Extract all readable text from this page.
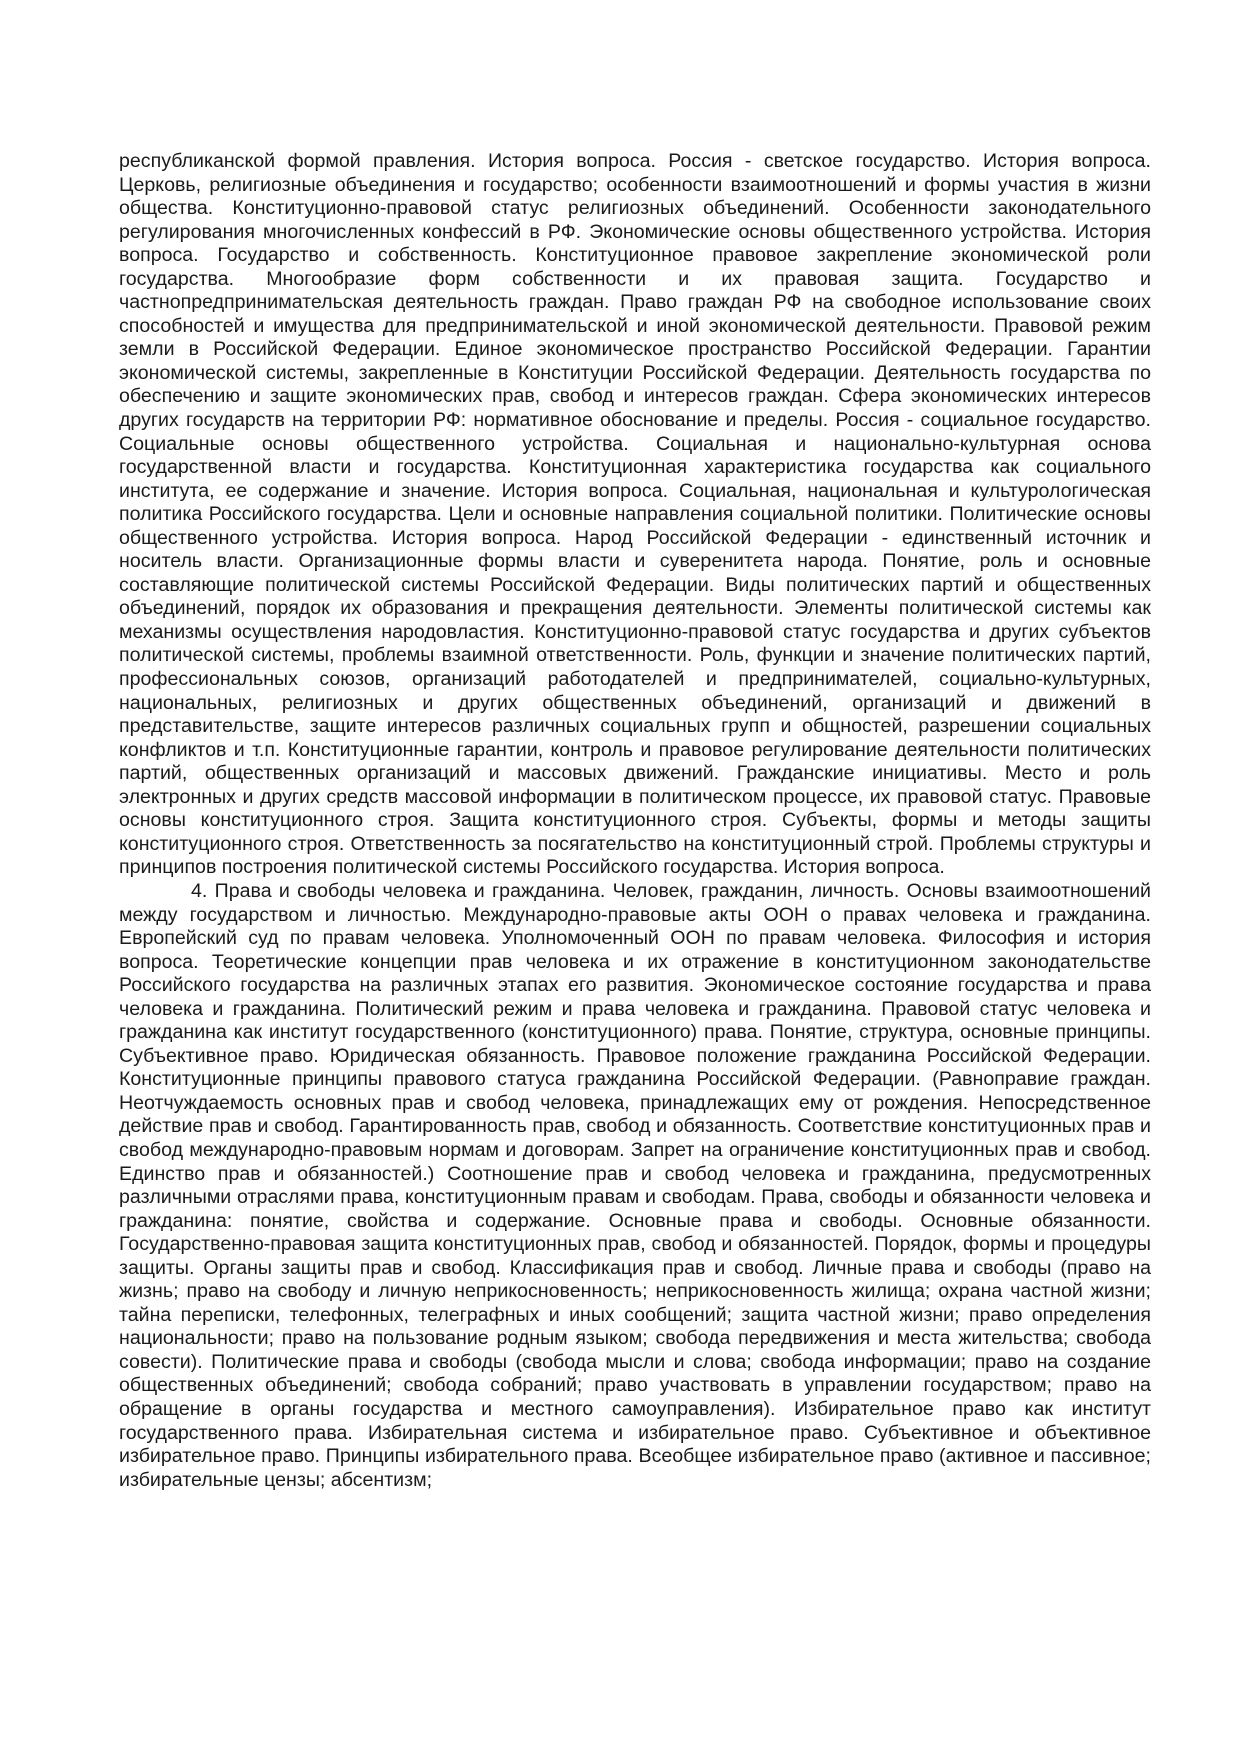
республиканской формой правления. История вопроса. Россия - светское государство. История вопроса. Церковь, религиозные объединения и государство; особенности взаимоотношений и формы участия в жизни общества. Конституционно-правовой статус религиозных объединений. Особенности законодательного регулирования многочисленных конфессий в РФ. Экономические основы общественного устройства. История вопроса. Государство и собственность. Конституционное правовое закрепление экономической роли государства. Многообразие форм собственности и их правовая защита. Государство и частнопредпринимательская деятельность граждан. Право граждан РФ на свободное использование своих способностей и имущества для предпринимательской и иной экономической деятельности. Правовой режим земли в Российской Федерации. Единое экономическое пространство Российской Федерации. Гарантии экономической системы, закрепленные в Конституции Российской Федерации. Деятельность государства по обеспечению и защите экономических прав, свобод и интересов граждан. Сфера экономических интересов других государств на территории РФ: нормативное обоснование и пределы. Россия - социальное государство. Социальные основы общественного устройства. Социальная и национально-культурная основа государственной власти и государства. Конституционная характеристика государства как социального института, ее содержание и значение. История вопроса. Социальная, национальная и культурологическая политика Российского государства. Цели и основные направления социальной политики. Политические основы общественного устройства. История вопроса. Народ Российской Федерации - единственный источник и носитель власти. Организационные формы власти и суверенитета народа. Понятие, роль и основные составляющие политической системы Российской Федерации. Виды политических партий и общественных объединений, порядок их образования и прекращения деятельности. Элементы политической системы как механизмы осуществления народовластия. Конституционно-правовой статус государства и других субъектов политической системы, проблемы взаимной ответственности. Роль, функции и значение политических партий, профессиональных союзов, организаций работодателей и предпринимателей, социально-культурных, национальных, религиозных и других общественных объединений, организаций и движений в представительстве, защите интересов различных социальных групп и общностей, разрешении социальных конфликтов и т.п. Конституционные гарантии, контроль и правовое регулирование деятельности политических партий, общественных организаций и массовых движений. Гражданские инициативы. Место и роль электронных и других средств массовой информации в политическом процессе, их правовой статус. Правовые основы конституционного строя. Защита конституционного строя. Субъекты, формы и методы защиты конституционного строя. Ответственность за посягательство на конституционный строй. Проблемы структуры и принципов построения политической системы Российского государства. История вопроса.

4. Права и свободы человека и гражданина. Человек, гражданин, личность. Основы взаимоотношений между государством и личностью. Международно-правовые акты ООН о правах человека и гражданина. Европейский суд по правам человека. Уполномоченный ООН по правам человека. Философия и история вопроса. Теоретические концепции прав человека и их отражение в конституционном законодательстве Российского государства на различных этапах его развития. Экономическое состояние государства и права человека и гражданина. Политический режим и права человека и гражданина. Правовой статус человека и гражданина как институт государственного (конституционного) права. Понятие, структура, основные принципы. Субъективное право. Юридическая обязанность. Правовое положение гражданина Российской Федерации. Конституционные принципы правового статуса гражданина Российской Федерации. (Равноправие граждан. Неотчуждаемость основных прав и свобод человека, принадлежащих ему от рождения. Непосредственное действие прав и свобод. Гарантированность прав, свобод и обязанность. Соответствие конституционных прав и свобод международно-правовым нормам и договорам. Запрет на ограничение конституционных прав и свобод. Единство прав и обязанностей.) Соотношение прав и свобод человека и гражданина, предусмотренных различными отраслями права, конституционным правам и свободам. Права, свободы и обязанности человека и гражданина: понятие, свойства и содержание. Основные права и свободы. Основные обязанности. Государственно-правовая защита конституционных прав, свобод и обязанностей. Порядок, формы и процедуры защиты. Органы защиты прав и свобод. Классификация прав и свобод. Личные права и свободы (право на жизнь; право на свободу и личную неприкосновенность; неприкосновенность жилища; охрана частной жизни; тайна переписки, телефонных, телеграфных и иных сообщений; защита частной жизни; право определения национальности; право на пользование родным языком; свобода передвижения и места жительства; свобода совести). Политические права и свободы (свобода мысли и слова; свобода информации; право на создание общественных объединений; свобода собраний; право участвовать в управлении государством; право на обращение в органы государства и местного самоуправления). Избирательное право как институт государственного права. Избирательная система и избирательное право. Субъективное и объективное избирательное право. Принципы избирательного права. Всеобщее избирательное право (активное и пассивное; избирательные цензы; абсентизм;
